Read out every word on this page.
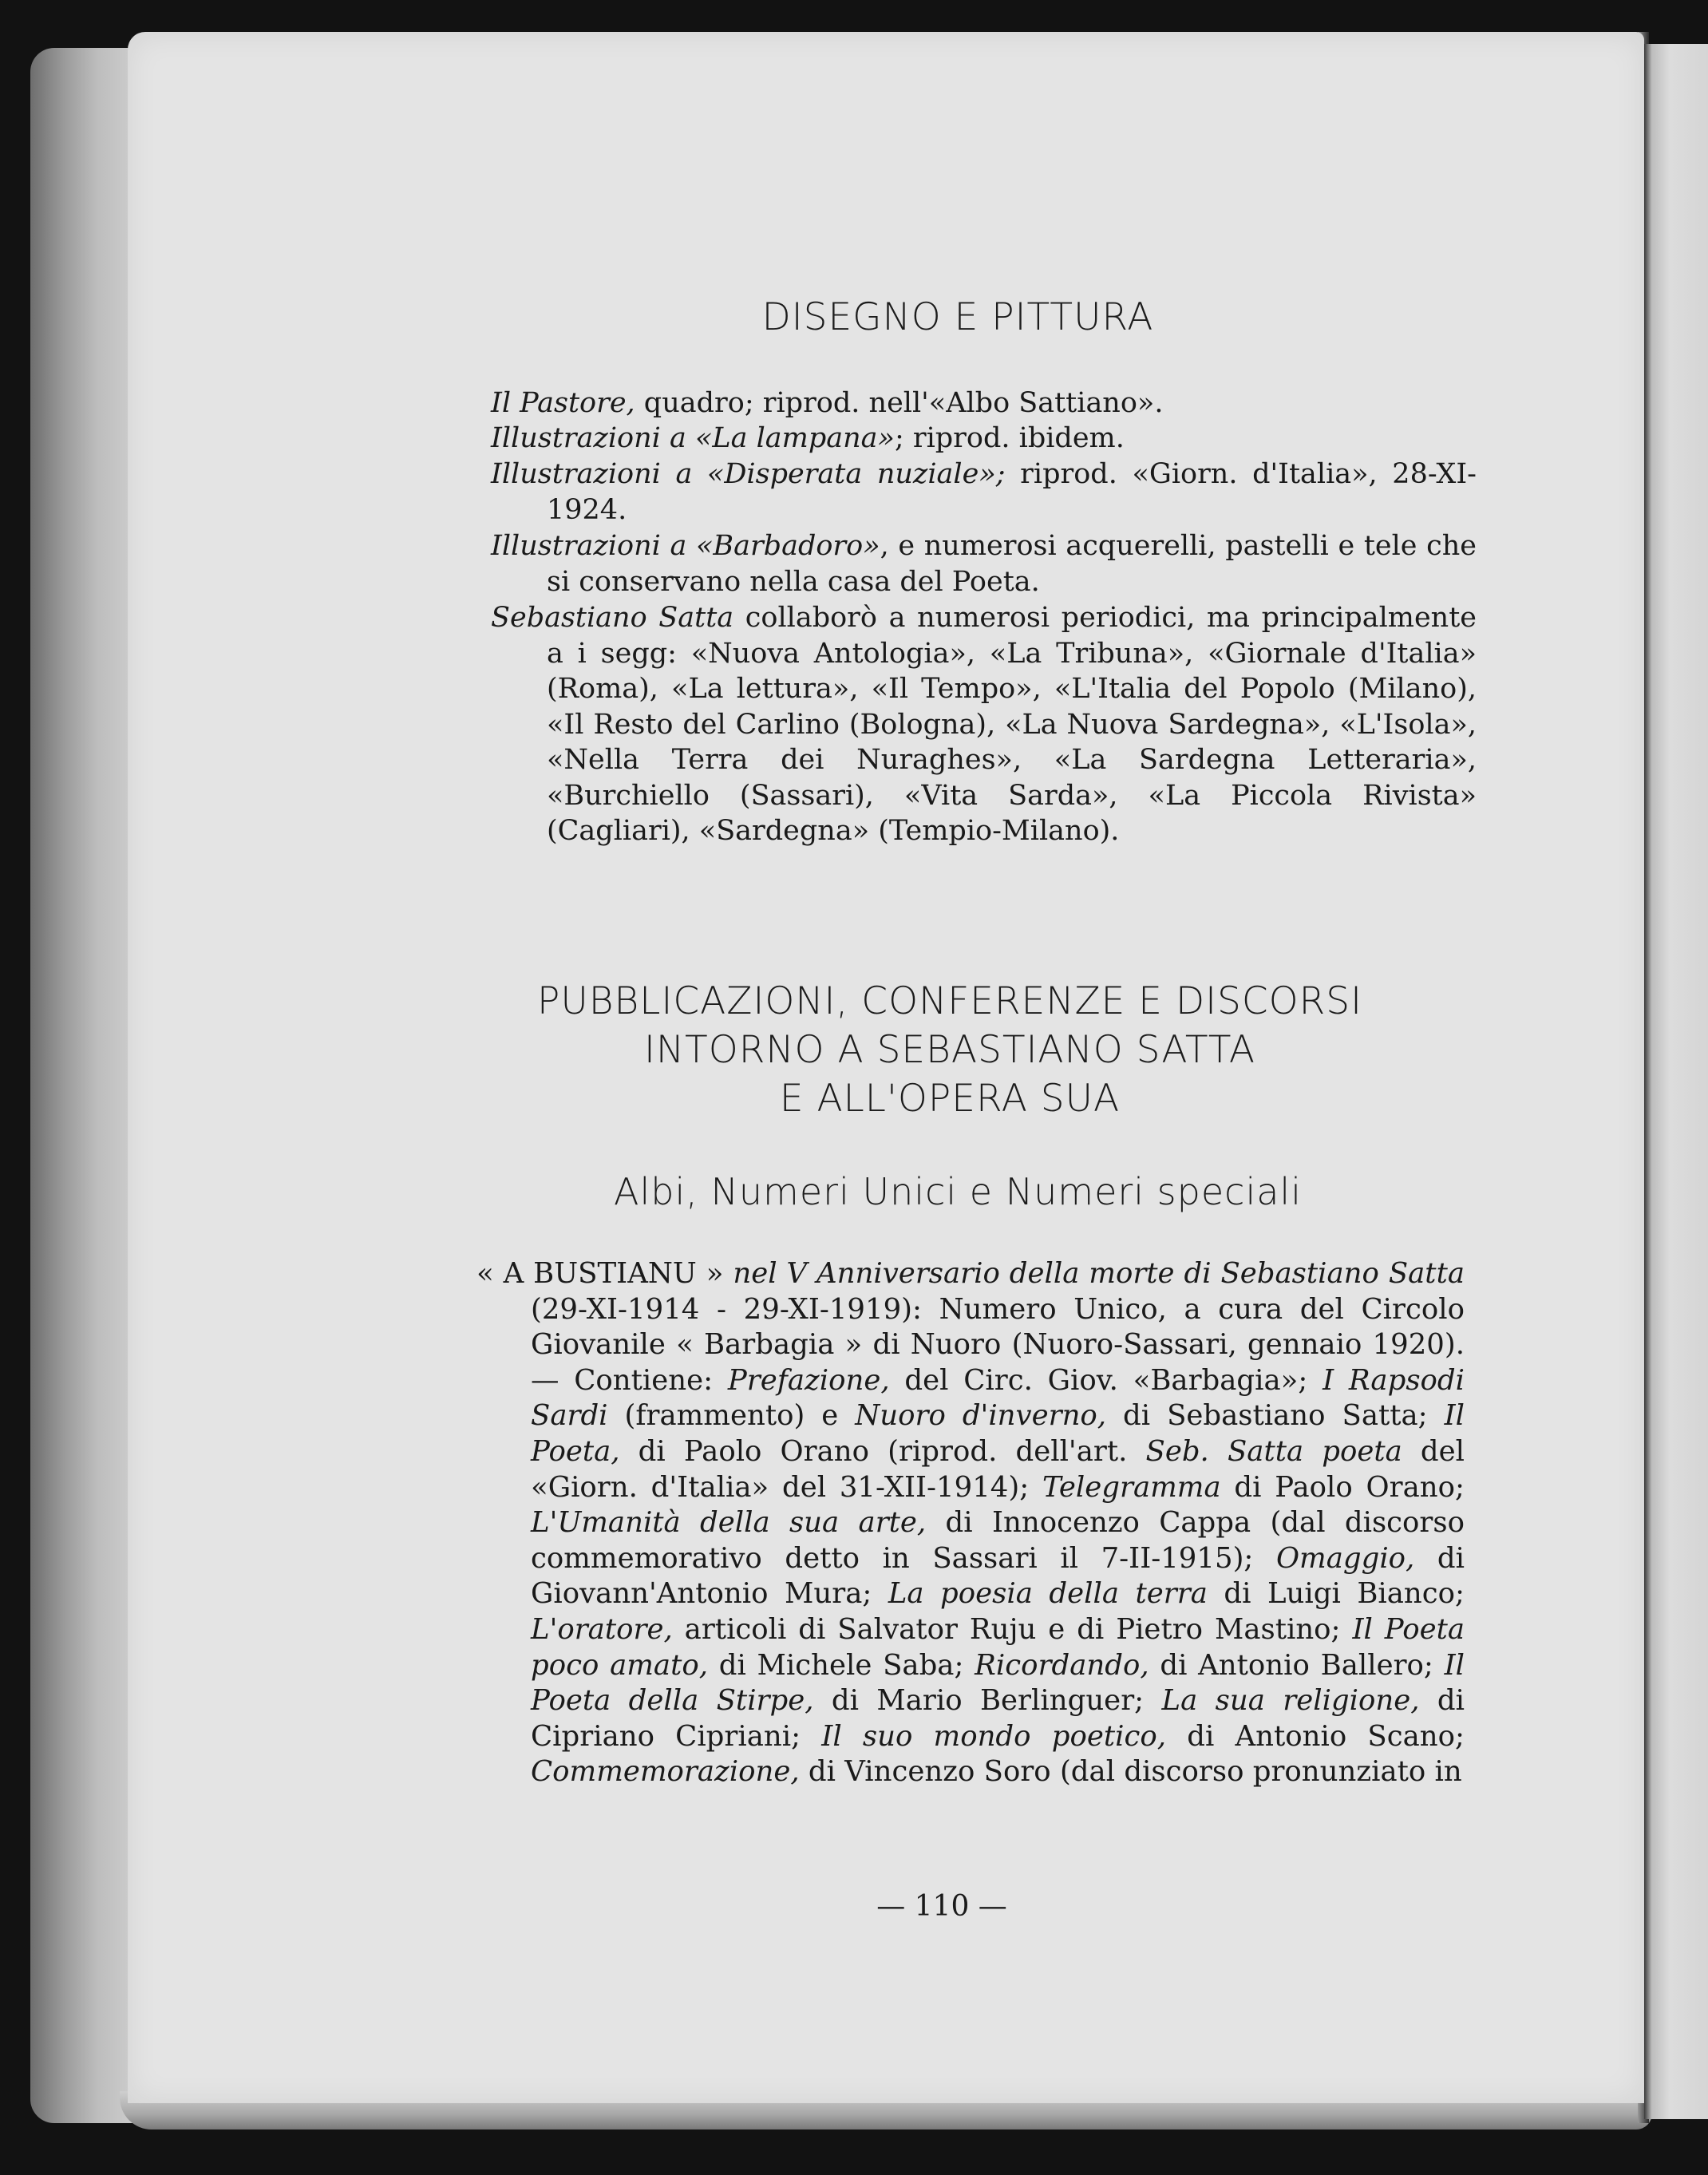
DISEGNO E PITTURA
Il Pastore, quadro; riprod. nell'«Albo Sattiano».
Illustrazioni a «La lampana»; riprod. ibidem.
Illustrazioni a «Disperata nuziale»; riprod. «Giorn. d'Italia», 28-XI-1924.
Illustrazioni a «Barbadoro», e numerosi acquerelli, pastelli e tele che si conservano nella casa del Poeta.
Sebastiano Satta collaborò a numerosi periodici, ma principalmente a i segg: «Nuova Antologia», «La Tribuna», «Giornale d'Italia» (Roma), «La lettura», «Il Tempo», «L'Italia del Popolo (Milano), «Il Resto del Carlino (Bologna), «La Nuova Sardegna», «L'Isola», «Nella Terra dei Nuraghes», «La Sardegna Letteraria», «Burchiello (Sassari), «Vita Sarda», «La Piccola Rivista» (Cagliari), «Sardegna» (Tempio-Milano).
PUBBLICAZIONI, CONFERENZE E DISCORSI
INTORNO A SEBASTIANO SATTA
E ALL'OPERA SUA
Albi, Numeri Unici e Numeri speciali
« A BUSTIANU » nel V Anniversario della morte di Sebastiano Satta (29-XI-1914 - 29-XI-1919): Numero Unico, a cura del Circolo Giovanile « Barbagia » di Nuoro (Nuoro-Sassari, gennaio 1920). — Contiene: Prefazione, del Circ. Giov. «Barbagia»; I Rapsodi Sardi (frammento) e Nuoro d'inverno, di Sebastiano Satta; Il Poeta, di Paolo Orano (riprod. dell'art. Seb. Satta poeta del «Giorn. d'Italia» del 31-XII-1914); Telegramma di Paolo Orano; L'Umanità della sua arte, di Innocenzo Cappa (dal discorso commemorativo detto in Sassari il 7-II-1915); Omaggio, di Giovann'Antonio Mura; La poesia della terra di Luigi Bianco; L'oratore, articoli di Salvator Ruju e di Pietro Mastino; Il Poeta poco amato, di Michele Saba; Ricordando, di Antonio Ballero; Il Poeta della Stirpe, di Mario Berlinguer; La sua religione, di Cipriano Cipriani; Il suo mondo poetico, di Antonio Scano; Commemorazione, di Vincenzo Soro (dal discorso pronunziato in
— 110 —
